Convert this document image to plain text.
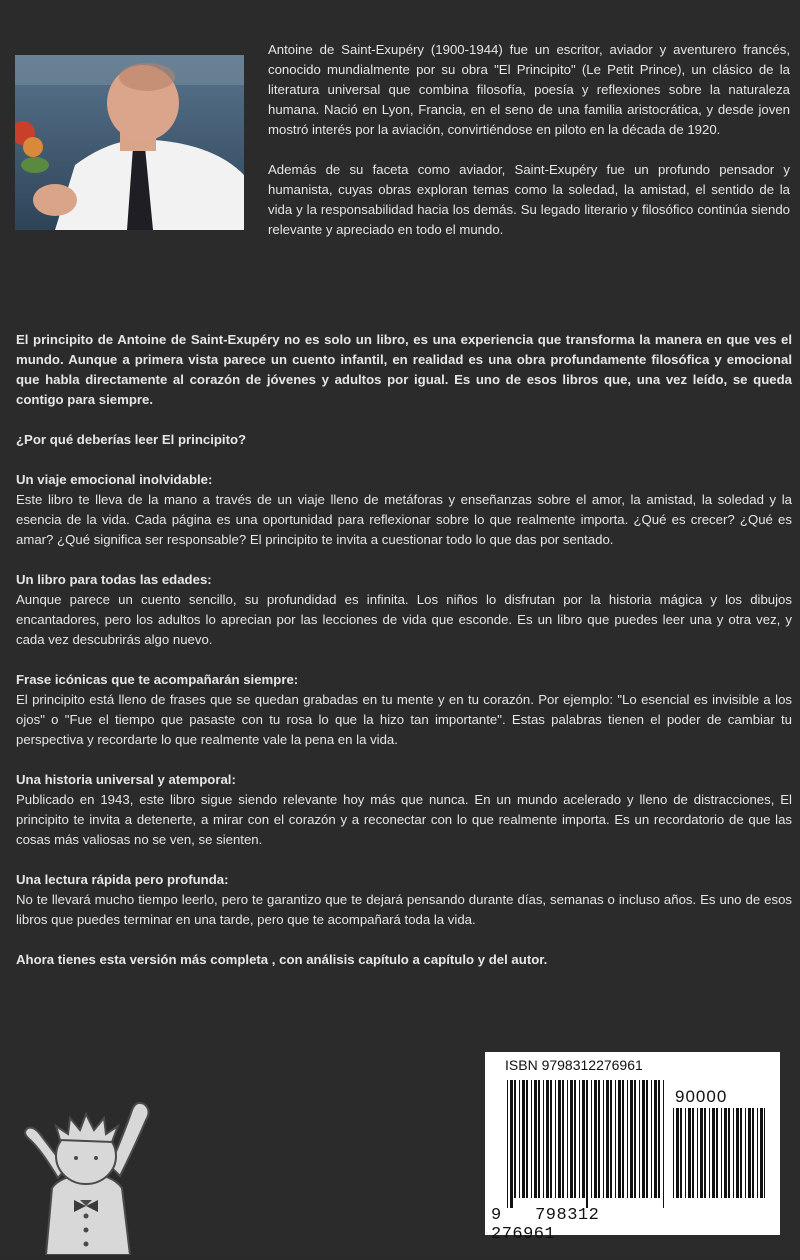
Antoine de Saint-Exupéry (1900-1944) fue un escritor, aviador y aventurero francés, conocido mundialmente por su obra "El Principito" (Le Petit Prince), un clásico de la literatura universal que combina filosofía, poesía y reflexiones sobre la naturaleza humana. Nació en Lyon, Francia, en el seno de una familia aristocrática, y desde joven mostró interés por la aviación, convirtiéndose en piloto en la década de 1920.

Además de su faceta como aviador, Saint-Exupéry fue un profundo pensador y humanista, cuyas obras exploran temas como la soledad, la amistad, el sentido de la vida y la responsabilidad hacia los demás. Su legado literario y filosófico continúa siendo relevante y apreciado en todo el mundo.

El principito de Antoine de Saint-Exupéry no es solo un libro, es una experiencia que transforma la manera en que ves el mundo. Aunque a primera vista parece un cuento infantil, en realidad es una obra profundamente filosófica y emocional que habla directamente al corazón de jóvenes y adultos por igual. Es uno de esos libros que, una vez leído, se queda contigo para siempre.

¿Por qué deberías leer El principito?

Un viaje emocional inolvidable:

Este libro te lleva de la mano a través de un viaje lleno de metáforas y enseñanzas sobre el amor, la amistad, la soledad y la esencia de la vida. Cada página es una oportunidad para reflexionar sobre lo que realmente importa. ¿Qué es crecer? ¿Qué es amar? ¿Qué significa ser responsable? El principito te invita a cuestionar todo lo que das por sentado.

Un libro para todas las edades:

Aunque parece un cuento sencillo, su profundidad es infinita. Los niños lo disfrutan por la historia mágica y los dibujos encantadores, pero los adultos lo aprecian por las lecciones de vida que esconde. Es un libro que puedes leer una y otra vez, y cada vez descubrirás algo nuevo.

Frase icónicas que te acompañarán siempre:

El principito está lleno de frases que se quedan grabadas en tu mente y en tu corazón. Por ejemplo: "Lo esencial es invisible a los ojos" o "Fue el tiempo que pasaste con tu rosa lo que la hizo tan importante". Estas palabras tienen el poder de cambiar tu perspectiva y recordarte lo que realmente vale la pena en la vida.

Una historia universal y atemporal:

Publicado en 1943, este libro sigue siendo relevante hoy más que nunca. En un mundo acelerado y lleno de distracciones, El principito te invita a detenerte, a mirar con el corazón y a reconectar con lo que realmente importa. Es un recordatorio de que las cosas más valiosas no se ven, se sienten.

Una lectura rápida pero profunda:

No te llevará mucho tiempo leerlo, pero te garantizo que te dejará pensando durante días, semanas o incluso años. Es uno de esos libros que puedes terminar en una tarde, pero que te acompañará toda la vida.

Ahora tienes esta versión más completa , con análisis capítulo a capítulo y del autor.

ISBN 9798312276961
90000
9 798312  276961
